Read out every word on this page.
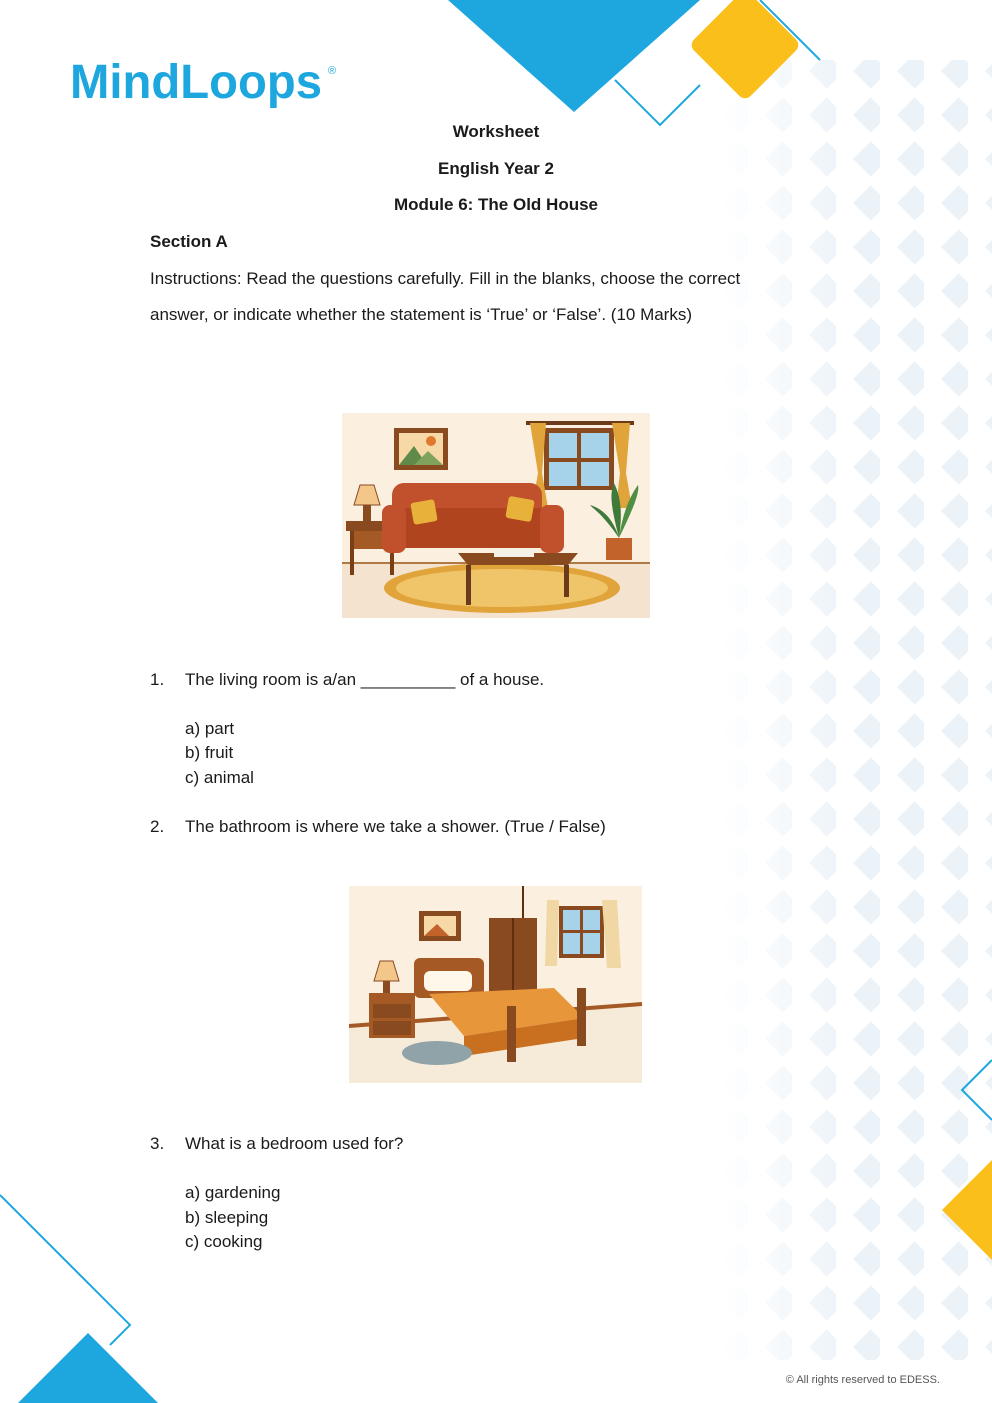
MindLoops ®
Worksheet
English Year 2
Module 6: The Old House
Section A
Instructions: Read the questions carefully. Fill in the blanks, choose the correct
answer, or indicate whether the statement is ‘True’ or ‘False’. (10 Marks)
1. The living room is a/an __________ of a house.
a) part
b) fruit
c) animal
2. The bathroom is where we take a shower. (True / False)
3. What is a bedroom used for?
a) gardening
b) sleeping
c) cooking
© All rights reserved to EDESS.
